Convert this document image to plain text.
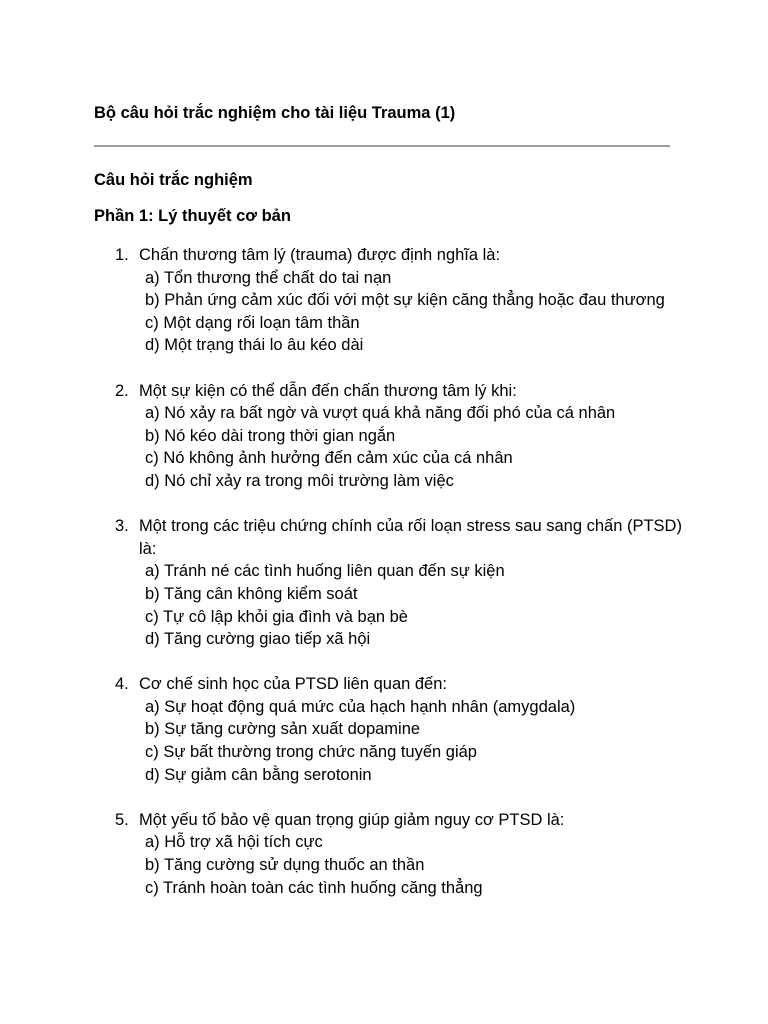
Bộ câu hỏi trắc nghiệm cho tài liệu Trauma (1)
Câu hỏi trắc nghiệm
Phần 1: Lý thuyết cơ bản
1. Chấn thương tâm lý (trauma) được định nghĩa là:
a) Tổn thương thể chất do tai nạn
b) Phản ứng cảm xúc đối với một sự kiện căng thẳng hoặc đau thương
c) Một dạng rối loạn tâm thần
d) Một trạng thái lo âu kéo dài
2. Một sự kiện có thể dẫn đến chấn thương tâm lý khi:
a) Nó xảy ra bất ngờ và vượt quá khả năng đối phó của cá nhân
b) Nó kéo dài trong thời gian ngắn
c) Nó không ảnh hưởng đến cảm xúc của cá nhân
d) Nó chỉ xảy ra trong môi trường làm việc
3. Một trong các triệu chứng chính của rối loạn stress sau sang chấn (PTSD) là:
a) Tránh né các tình huống liên quan đến sự kiện
b) Tăng cân không kiểm soát
c) Tự cô lập khỏi gia đình và bạn bè
d) Tăng cường giao tiếp xã hội
4. Cơ chế sinh học của PTSD liên quan đến:
a) Sự hoạt động quá mức của hạch hạnh nhân (amygdala)
b) Sự tăng cường sản xuất dopamine
c) Sự bất thường trong chức năng tuyến giáp
d) Sự giảm cân bằng serotonin
5. Một yếu tố bảo vệ quan trọng giúp giảm nguy cơ PTSD là:
a) Hỗ trợ xã hội tích cực
b) Tăng cường sử dụng thuốc an thần
c) Tránh hoàn toàn các tình huống căng thẳng
